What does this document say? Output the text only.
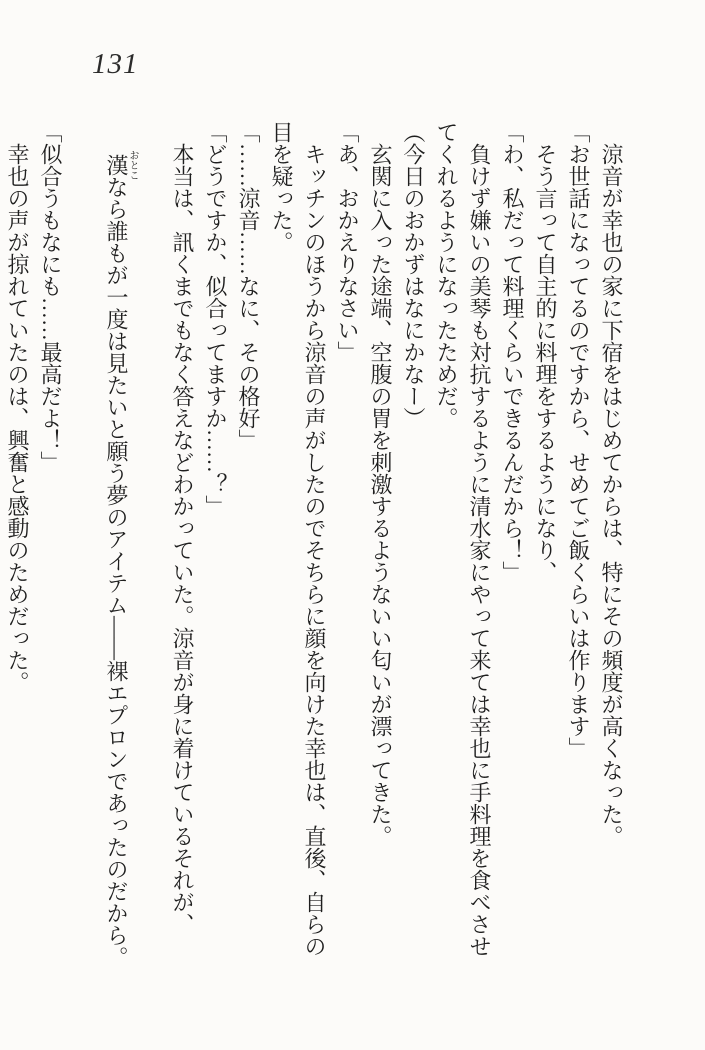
131

　涼音が幸也の家に下宿をはじめてからは、特にその頻度が高くなった。

「お世話になってるのですから、せめてご飯くらいは作ります」

　そう言って自主的に料理をするようになり、

「わ、私だって料理くらいできるんだから！」

　負けず嫌いの美琴も対抗するように清水家にやって来ては幸也に手料理を食べさせ

てくれるようになったためだ。

（今日のおかずはなにかなー）

　玄関に入った途端、空腹の胃を刺激するようないい匂いが漂ってきた。

「あ、おかえりなさい」

　キッチンのほうから涼音の声がしたのでそちらに顔を向けた幸也は、直後、自らの

目を疑った。

「……涼音……なに、その格好」

「どうですか、似合ってますか……？」

　本当は、訊くまでもなく答えなどわかっていた。涼音が身に着けているそれが、

漢おとこなら誰もが一度は見たいと願う夢のアイテム――裸エプロンであったのだから。

「似合うもなにも……最高だよ！」

　幸也の声が掠れていたのは、興奮と感動のためだった。
